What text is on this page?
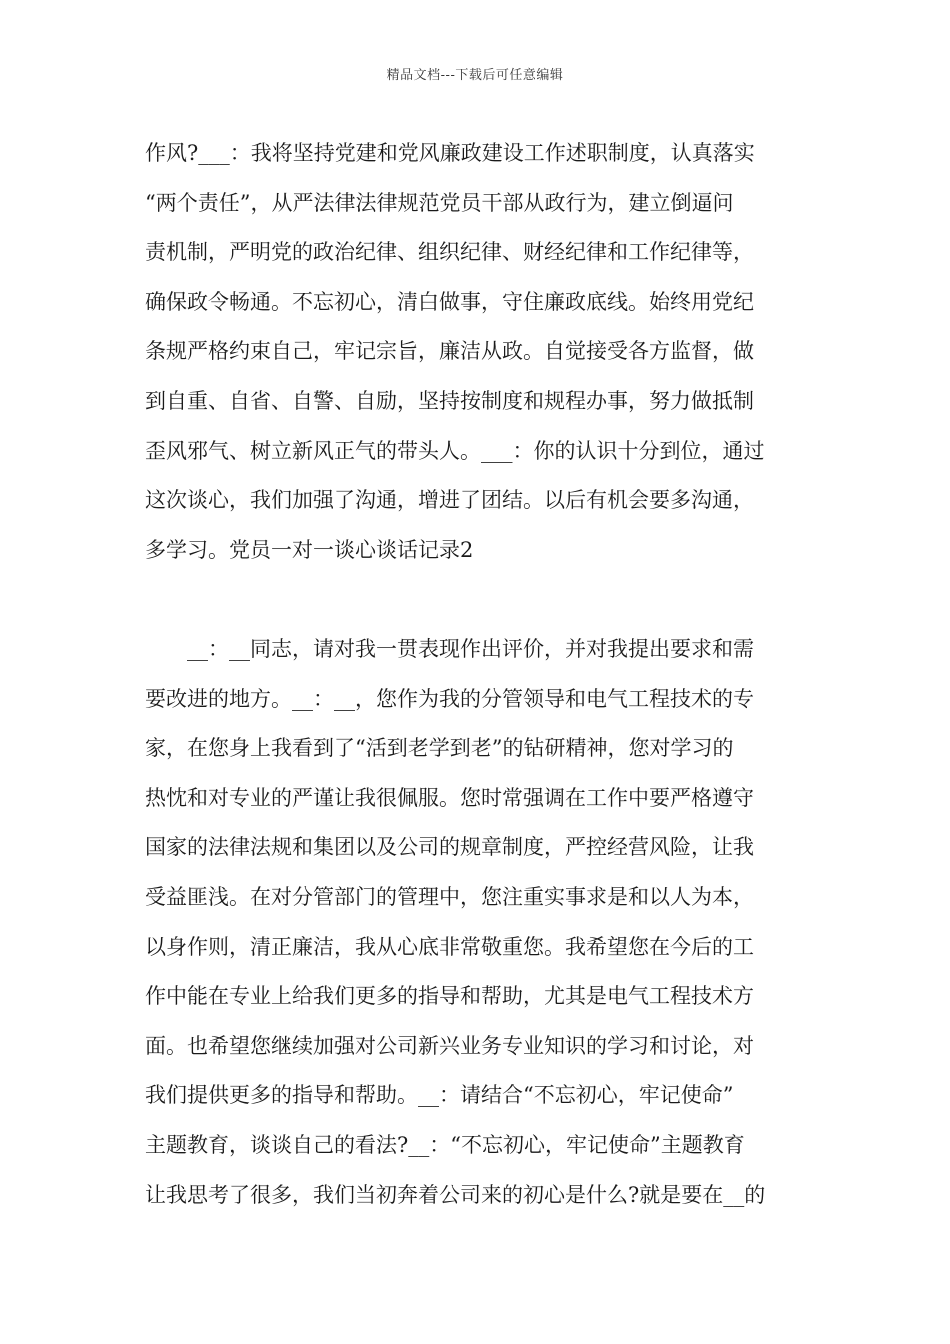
精品文档---下载后可任意编辑
作风?___：我将坚持党建和党风廉政建设工作述职制度，认真落实
“两个责任”，从严法律法律规范党员干部从政行为，建立倒逼问
责机制，严明党的政治纪律、组织纪律、财经纪律和工作纪律等，
确保政令畅通。不忘初心，清白做事，守住廉政底线。始终用党纪
条规严格约束自己，牢记宗旨，廉洁从政。自觉接受各方监督，做
到自重、自省、自警、自励，坚持按制度和规程办事，努力做抵制
歪风邪气、树立新风正气的带头人。___：你的认识十分到位，通过
这次谈心，我们加强了沟通，增进了团结。以后有机会要多沟通，
多学习。党员一对一谈心谈话记录2
__：__同志，请对我一贯表现作出评价，并对我提出要求和需
要改进的地方。__：__，您作为我的分管领导和电气工程技术的专
家，在您身上我看到了“活到老学到老”的钻研精神，您对学习的
热忱和对专业的严谨让我很佩服。您时常强调在工作中要严格遵守
国家的法律法规和集团以及公司的规章制度，严控经营风险，让我
受益匪浅。在对分管部门的管理中，您注重实事求是和以人为本，
以身作则，清正廉洁，我从心底非常敬重您。我希望您在今后的工
作中能在专业上给我们更多的指导和帮助，尤其是电气工程技术方
面。也希望您继续加强对公司新兴业务专业知识的学习和讨论，对
我们提供更多的指导和帮助。__：请结合“不忘初心，牢记使命”
主题教育，谈谈自己的看法?__：“不忘初心，牢记使命”主题教育
让我思考了很多，我们当初奔着公司来的初心是什么?就是要在__的
